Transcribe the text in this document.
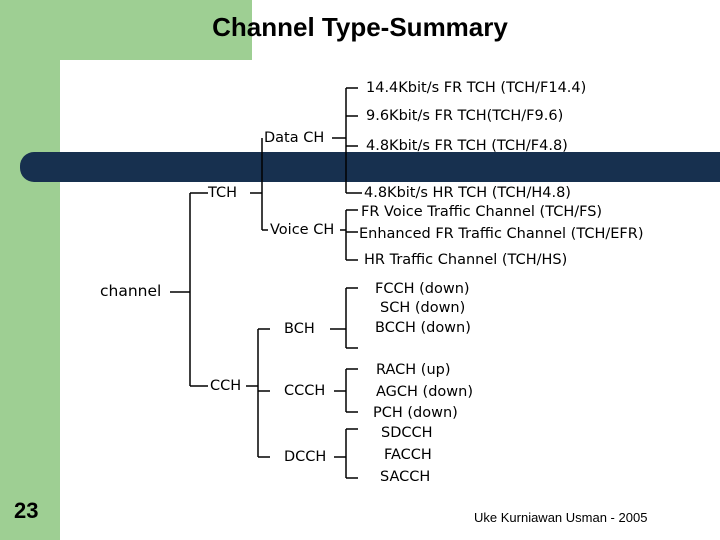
Channel Type-Summary
channel
TCH
Data CH
Voice CH
CCH
BCH
CCCH
DCCH
14.4Kbit/s FR TCH (TCH/F14.4)
9.6Kbit/s FR TCH(TCH/F9.6)
4.8Kbit/s FR TCH (TCH/F4.8)
4.8Kbit/s HR TCH (TCH/H4.8)
FR Voice Traffic Channel (TCH/FS)
Enhanced FR Traffic Channel (TCH/EFR)
HR Traffic Channel (TCH/HS)
FCCH (down)
SCH (down)
BCCH (down)
RACH (up)
AGCH (down)
PCH (down)
SDCCH
FACCH
SACCH
23	Uke Kurniawan Usman - 2005
